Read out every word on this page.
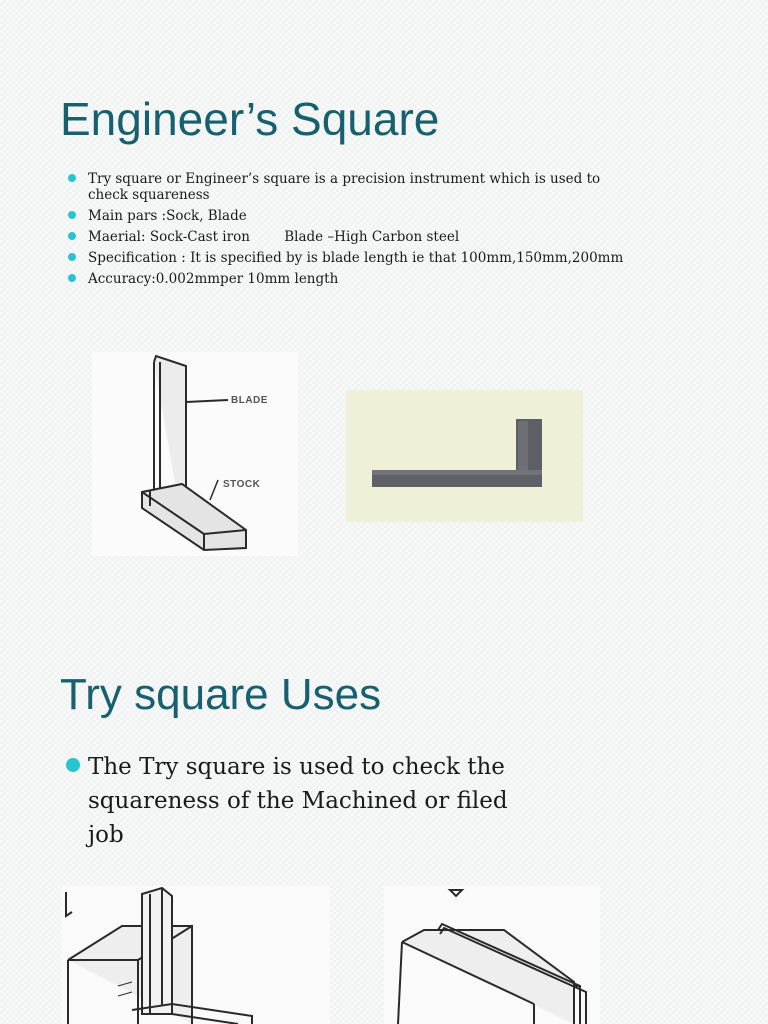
Engineer’s Square
Try square or Engineer’s square is a precision instrument which is used to check squareness
Main pars :Sock, Blade
Maerial: Sock-Cast iron        Blade –High Carbon steel
Specification : It is specified by is blade length ie that 100mm,150mm,200mm
Accuracy:0.002mmper 10mm length
BLADE
STOCK
Try square Uses
The Try square is used to check the squareness of the Machined or filed job
